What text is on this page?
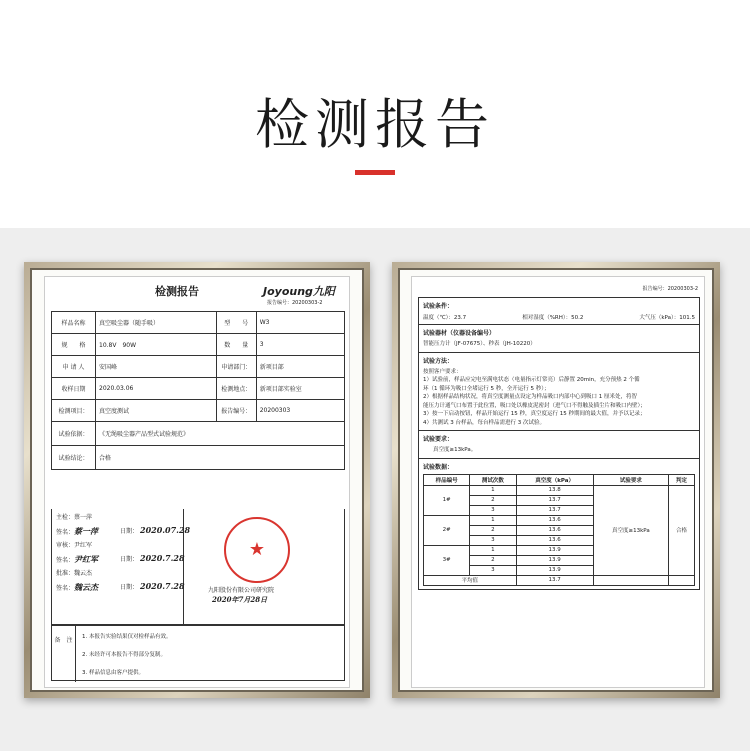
检测报告
检测报告	Joyoung九阳
报告编号：20200303-2
样品名称	真空吸尘器（随手吸）	型　　号	W3
规　　格	10.8V　90W	数　　量	3
申 请 人	安国峰	申请部门：	新项目部
收样日期	2020.03.06	检测地点：	新项目部实验室
检测项目：	真空度测试	报告编号：	20200303
试验依据：	《无绳吸尘器产品型式试验规范》		
试验结论：	合格		
主检：蔡一萍
签名：蔡一萍	日期： 2020.07.28
审核：尹红军
签名：尹红军	日期： 2020.7.28
批准：魏云杰
签名：魏云杰	日期： 2020.7.28
★
九阳股份有限公司研究院
2020年7月28日
备　注	1. 本报告实验结果仅对检样品有效。
2. 未经许可本报告不得部分复制。
3. 样品信息由客户提供。
报告编号：20200303-2
试验条件：
温度（℃）：23.7	相对湿度（%RH）：50.2	大气压（kPa）：101.5
试验器材（仪器设备编号）
智能压力计（JF-07675）、秒表（JH-10220）
试验方法：
按照客户要求：
1）试验前，样品应完电至满电状态（电量指示灯常亮）后静置 20min，充分预热 2 个循
环（1 循环为吸口全堵运行 5 秒，全开运行 5 秒）；
2）根据样品结构状况，将真空度测量点设定为样品吸口内部中心到吸口 1 厘米处，将智
能压力计通气口布置于此位置，吸口处以橡皮泥密封（进气口不得触及插尘片和吸口内壁）；
3）按一下启动按钮，样品开始运行 15 秒，真空度运行 15 秒期间的最大值，并予以记录；
4）共测试 3 台样品，每台样品需进行 3 次试验。
试验要求：
真空度≥13kPa。
试验数据：
样品编号	测试次数	真空度（kPa）	试验要求	判定
1#	1	13.8	真空度≥13kPa	合格
	2	13.7		
	3	13.7		
2#	1	13.6		
	2	13.6		
	3	13.6		
3#	1	13.9		
	2	13.9		
	3	13.9		
平均值		13.7		
